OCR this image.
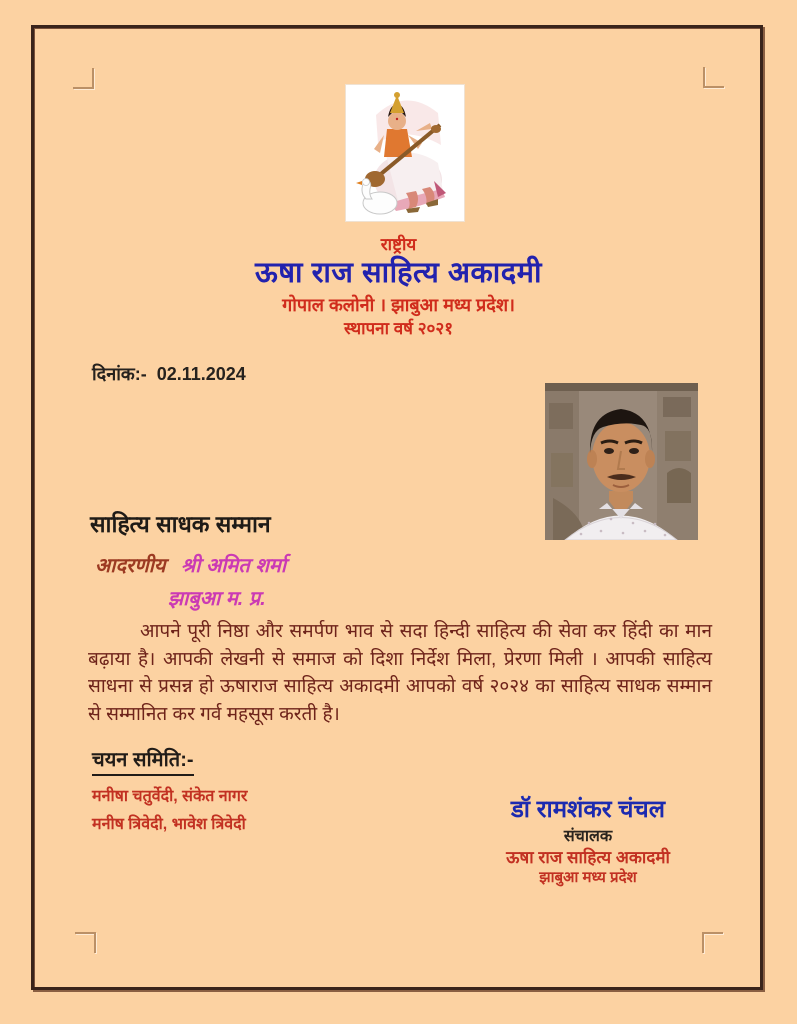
राष्ट्रीय
ऊषा राज साहित्य अकादमी
गोपाल कलोनी । झाबुआ मध्य प्रदेश।
स्थापना वर्ष २०२१
दिनांक:- 02.11.2024
साहित्य साधक सम्मान
आदरणीय श्री अमित शर्मा
झाबुआ म. प्र.

आपने पूरी निष्ठा और समर्पण भाव से सदा हिन्दी साहित्य की सेवा कर हिंदी का मान बढ़ाया है। आपकी लेखनी से समाज को दिशा निर्देश मिला, प्रेरणा मिली । आपकी साहित्य साधना से प्रसन्न हो ऊषाराज साहित्य अकादमी आपको वर्ष २०२४ का साहित्य साधक सम्मान से सम्मानित कर गर्व महसूस करती है।

चयन समिति:-
मनीषा चतुर्वेदी, संकेत नागर
मनीष त्रिवेदी, भावेश त्रिवेदी
डॉ रामशंकर चंचल
संचालक
ऊषा राज साहित्य अकादमी
झाबुआ मध्य प्रदेश
